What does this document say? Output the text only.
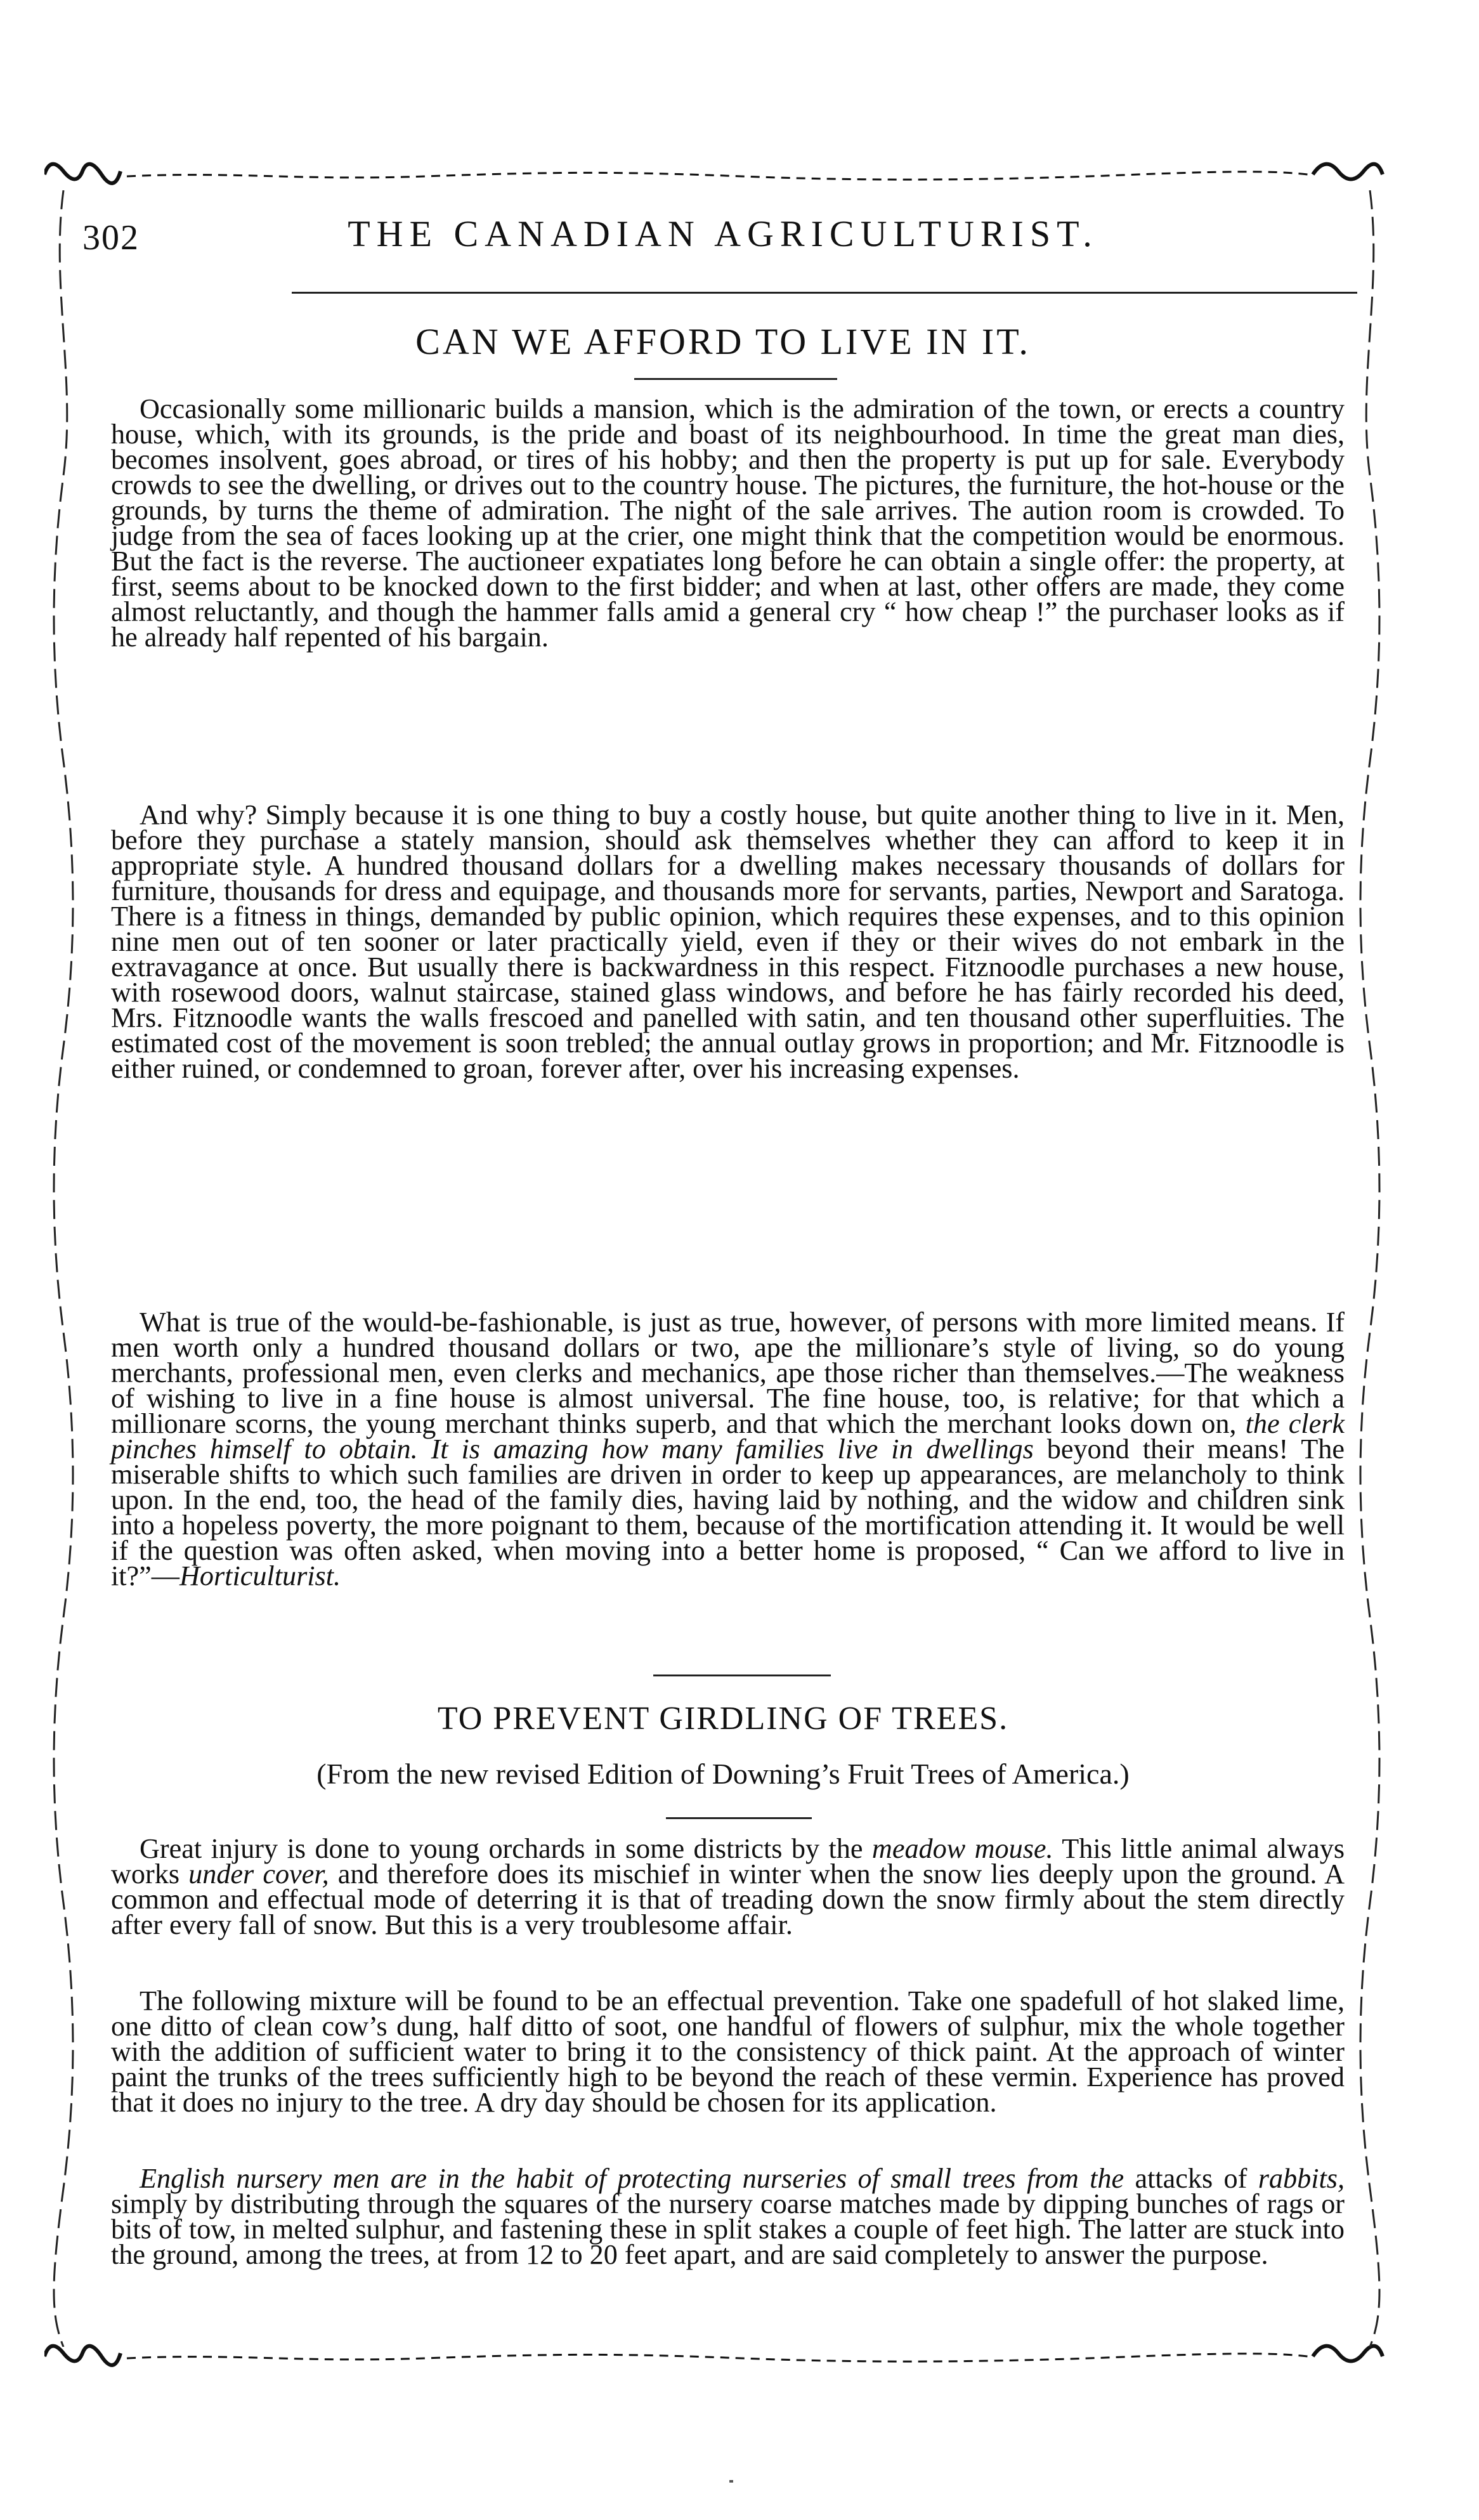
302	THE CANADIAN AGRICULTURIST.
CAN WE AFFORD TO LIVE IN IT.

Occasionally some millionaric builds a mansion, which is the admiration of the town, or erects a country house, which, with its grounds, is the pride and boast of its neighbourhood. In time the great man dies, becomes insolvent, goes abroad, or tires of his hobby; and then the property is put up for sale. Everybody crowds to see the dwelling, or drives out to the country house. The pictures, the furniture, the hot-house or the grounds, by turns the theme of admiration. The night of the sale arrives. The aution room is crowded. To judge from the sea of faces looking up at the crier, one might think that the competition would be enormous. But the fact is the reverse. The auctioneer expatiates long before he can obtain a single offer: the property, at first, seems about to be knocked down to the first bidder; and when at last, other offers are made, they come almost reluctantly, and though the hammer falls amid a general cry “ how cheap !” the purchaser looks as if he already half repented of his bargain.

And why? Simply because it is one thing to buy a costly house, but quite another thing to live in it. Men, before they purchase a stately mansion, should ask themselves whether they can afford to keep it in appropriate style. A hundred thousand dollars for a dwelling makes necessary thousands of dollars for furniture, thousands for dress and equipage, and thousands more for servants, parties, Newport and Saratoga. There is a fitness in things, demanded by public opinion, which requires these expenses, and to this opinion nine men out of ten sooner or later practically yield, even if they or their wives do not embark in the extravagance at once. But usually there is backwardness in this respect. Fitznoodle purchases a new house, with rosewood doors, walnut staircase, stained glass windows, and before he has fairly recorded his deed, Mrs. Fitznoodle wants the walls frescoed and panelled with satin, and ten thousand other superfluities. The estimated cost of the movement is soon trebled; the annual outlay grows in proportion; and Mr. Fitznoodle is either ruined, or condemned to groan, forever after, over his increasing expenses.

What is true of the would-be-fashionable, is just as true, however, of persons with more limited means. If men worth only a hundred thousand dollars or two, ape the millionare’s style of living, so do young merchants, professional men, even clerks and mechanics, ape those richer than themselves.—The weakness of wishing to live in a fine house is almost universal. The fine house, too, is relative; for that which a millionare scorns, the young merchant thinks superb, and that which the merchant looks down on, the clerk pinches himself to obtain. It is amazing how many families live in dwellings beyond their means! The miserable shifts to which such families are driven in order to keep up appearances, are melancholy to think upon. In the end, too, the head of the family dies, having laid by nothing, and the widow and children sink into a hopeless poverty, the more poignant to them, because of the mortification attending it. It would be well if the question was often asked, when moving into a better home is proposed, “ Can we afford to live in it?”—Horticulturist.

TO PREVENT GIRDLING OF TREES.
(From the new revised Edition of Downing’s Fruit Trees of America.)

Great injury is done to young orchards in some districts by the meadow mouse. This little animal always works under cover, and therefore does its mischief in winter when the snow lies deeply upon the ground. A common and effectual mode of deterring it is that of treading down the snow firmly about the stem directly after every fall of snow. But this is a very troublesome affair.

The following mixture will be found to be an effectual prevention. Take one spadefull of hot slaked lime, one ditto of clean cow’s dung, half ditto of soot, one handful of flowers of sulphur, mix the whole together with the addition of sufficient water to bring it to the consistency of thick paint. At the approach of winter paint the trunks of the trees sufficiently high to be beyond the reach of these vermin. Experience has proved that it does no injury to the tree. A dry day should be chosen for its application.

English nursery men are in the habit of protecting nurseries of small trees from the attacks of rabbits, simply by distributing through the squares of the nursery coarse matches made by dipping bunches of rags or bits of tow, in melted sulphur, and fastening these in split stakes a couple of feet high. The latter are stuck into the ground, among the trees, at from 12 to 20 feet apart, and are said completely to answer the purpose.
